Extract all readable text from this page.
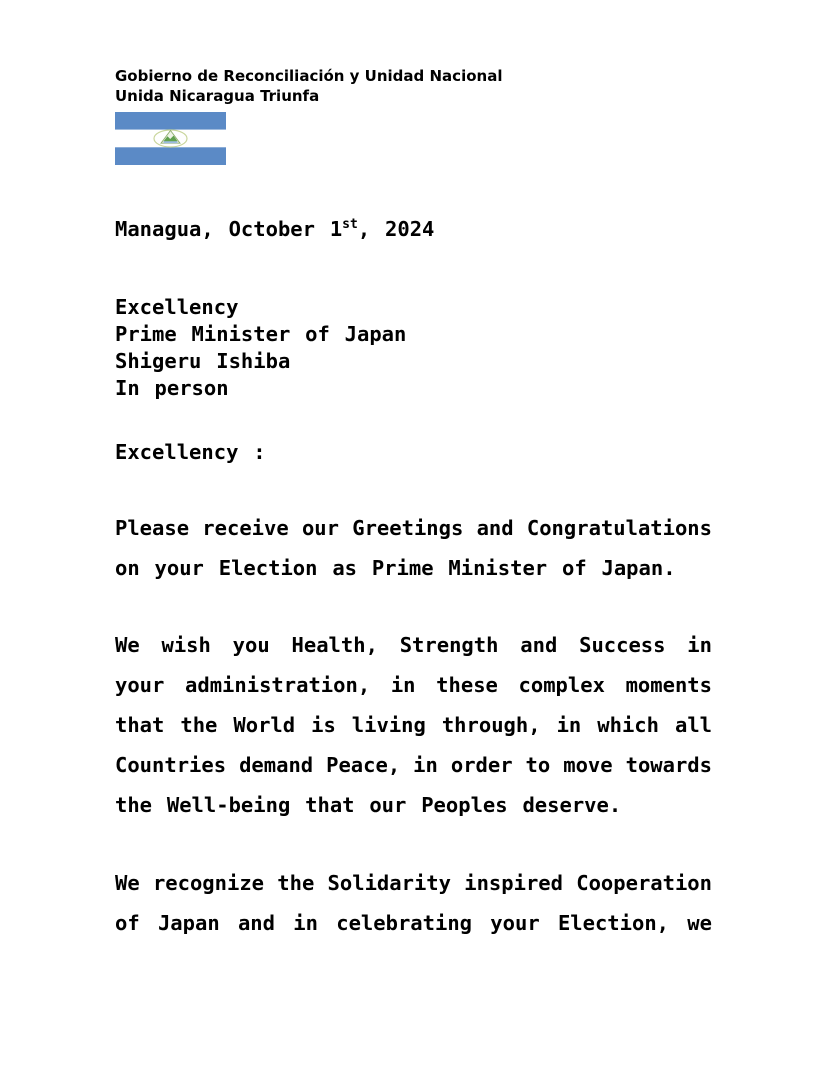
Gobierno de Reconciliación y Unidad Nacional
Unida Nicaragua Triunfa
Managua, October 1st, 2024
Excellency
Prime Minister of Japan
Shigeru Ishiba
In person
Excellency :
Please receive our Greetings and Congratulations
on your Election as Prime Minister of Japan.
We wish you Health, Strength and Success in
your administration, in these complex moments
that the World is living through, in which all
Countries demand Peace, in order to move towards
the Well-being that our Peoples deserve.
We recognize the Solidarity inspired Cooperation
of Japan and in celebrating your Election, we
